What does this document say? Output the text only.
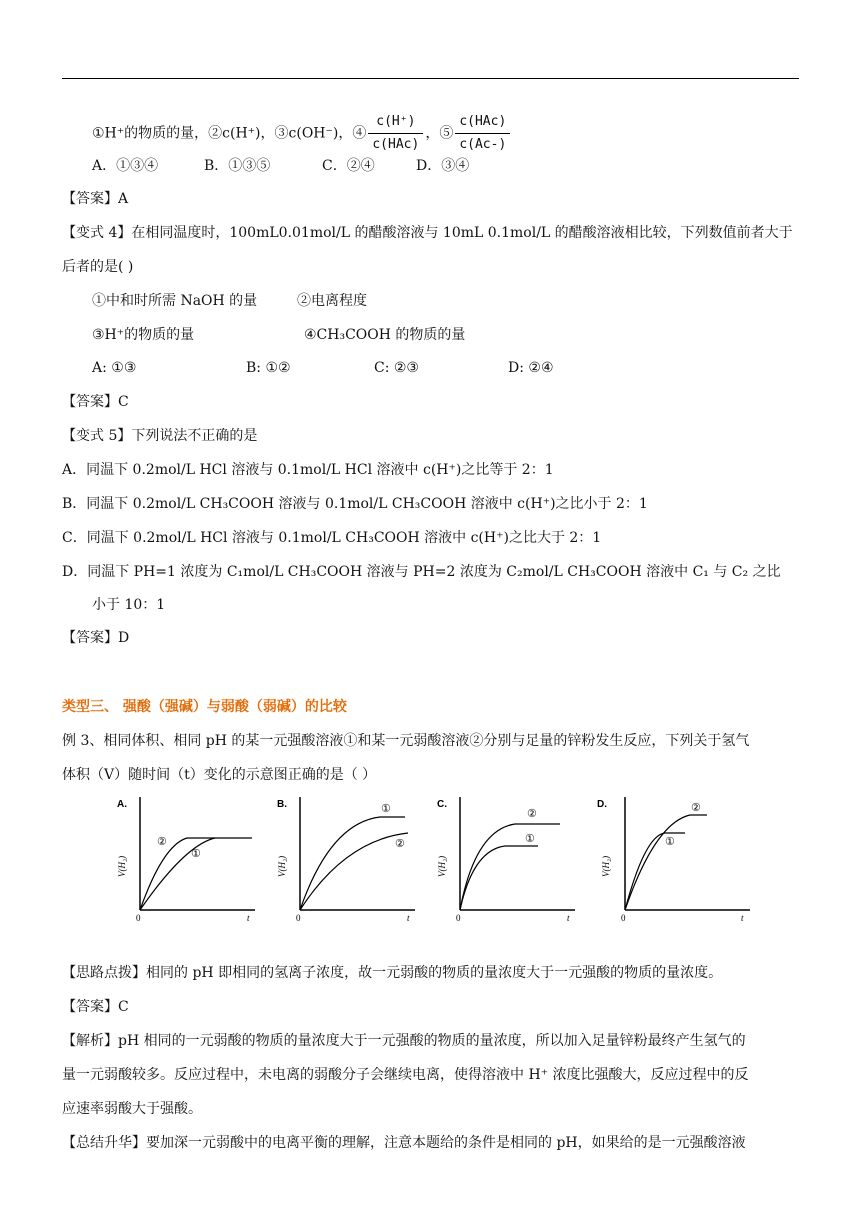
①H⁺的物质的量，②c(H⁺)，③c(OH⁻)，④ $\frac{c(H^+)}{\text{c(HAc)}}$ ，⑤ $\frac{\text{c(HAc)}}{c(Ac-)}$
A．①③④	B．①③⑤	C．②④	D．③④
【答案】A
【变式 4】在相同温度时，100mL0.01mol/L 的醋酸溶液与 10mL 0.1mol/L 的醋酸溶液相比较，下列数值前者大于
后者的是( )
①中和时所需 NaOH 的量	②电离程度
③H⁺的物质的量	④CH₃COOH 的物质的量
A: ①③	B: ①②	C: ②③	D: ②④
【答案】C
【变式 5】下列说法不正确的是
A．同温下 0.2mol/L HCl 溶液与 0.1mol/L HCl 溶液中 c(H⁺)之比等于 2：1
B．同温下 0.2mol/L CH₃COOH 溶液与 0.1mol/L CH₃COOH 溶液中 c(H⁺)之比小于 2：1
C．同温下 0.2mol/L HCl 溶液与 0.1mol/L CH₃COOH 溶液中 c(H⁺)之比大于 2：1
D．同温下 PH=1 浓度为 C₁mol/L CH₃COOH 溶液与 PH=2 浓度为 C₂mol/L CH₃COOH 溶液中 C₁ 与 C₂ 之比
小于 10：1
【答案】D
类型三、 强酸（强碱）与弱酸（弱碱）的比较
例 3、相同体积、相同 pH 的某一元强酸溶液①和某一元弱酸溶液②分别与足量的锌粉发生反应，下列关于氢气
体积（V）随时间（t）变化的示意图正确的是（ ）
A.
V(H₂)
0	t
②
①
B.
V(H₂)
0	t
①
②
C.
V(H₂)
0	t
②
①
D.
V(H₂)
0	t
①
②
【思路点拨】相同的 pH 即相同的氢离子浓度，故一元弱酸的物质的量浓度大于一元强酸的物质的量浓度。
【答案】C
【解析】pH 相同的一元弱酸的物质的量浓度大于一元强酸的物质的量浓度，所以加入足量锌粉最终产生氢气的
量一元弱酸较多。反应过程中，未电离的弱酸分子会继续电离，使得溶液中 H⁺ 浓度比强酸大，反应过程中的反
应速率弱酸大于强酸。
【总结升华】要加深一元弱酸中的电离平衡的理解，注意本题给的条件是相同的 pH，如果给的是一元强酸溶液
